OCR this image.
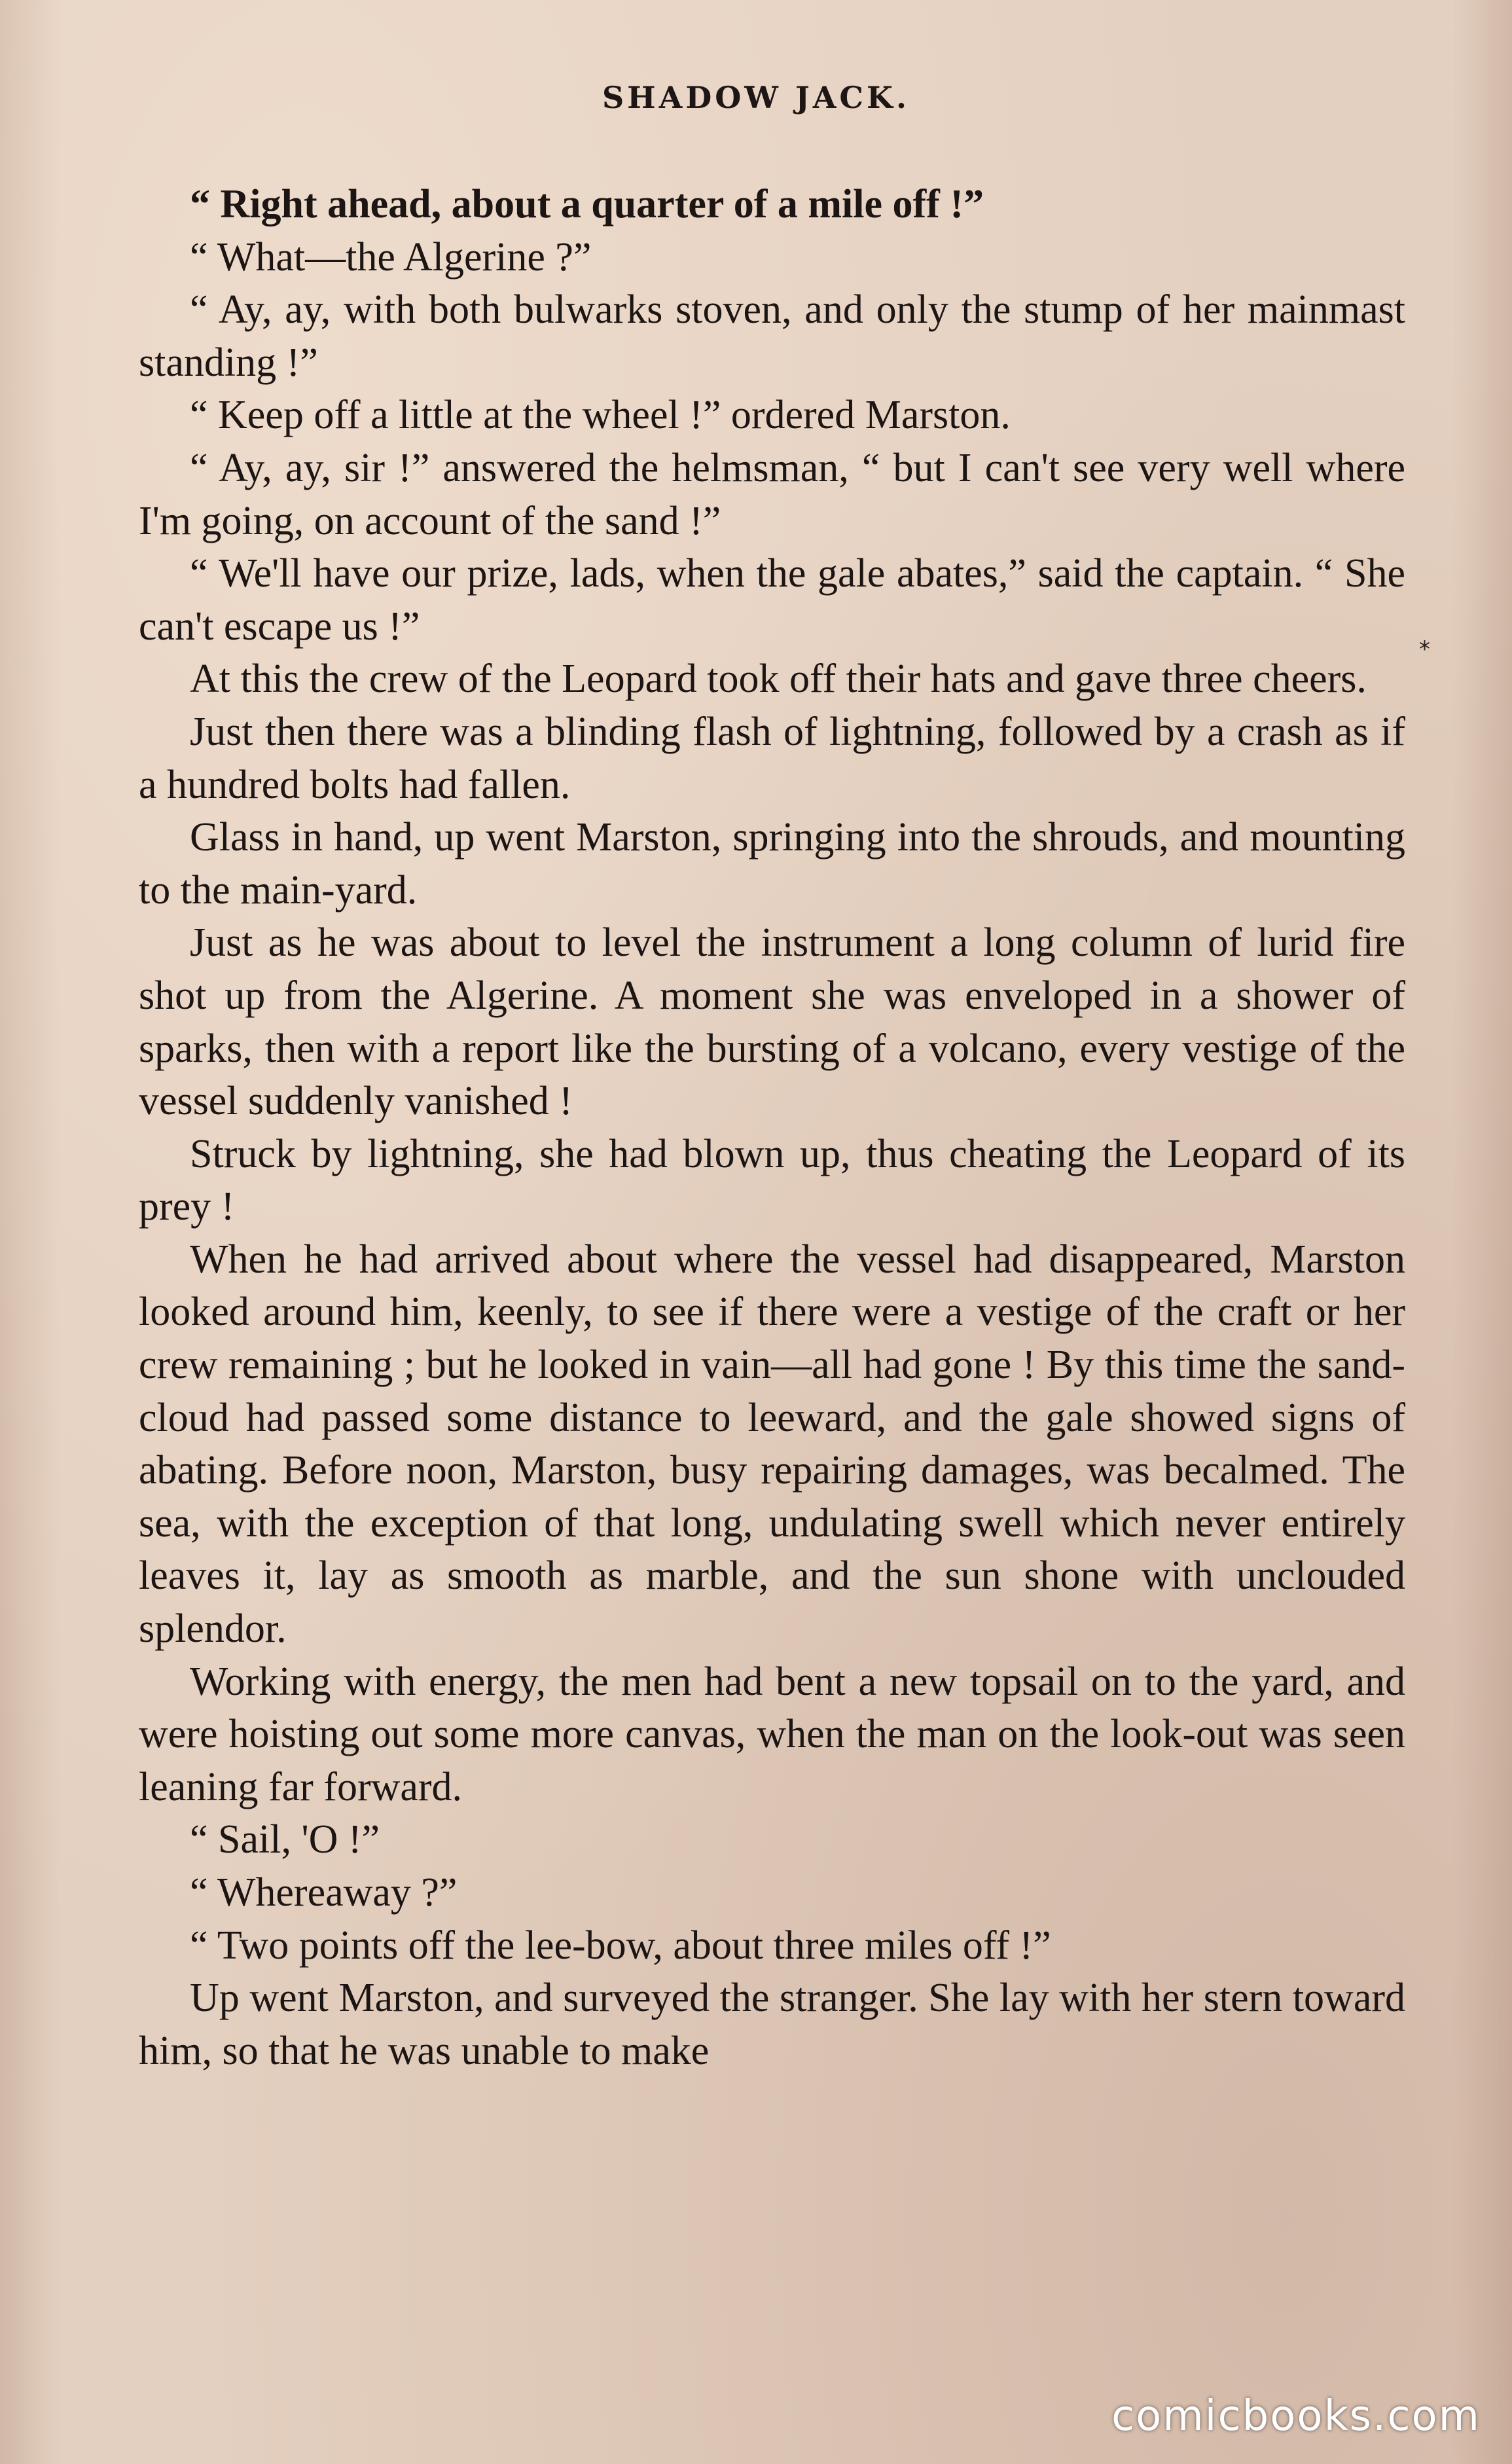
SHADOW JACK.

“ Right ahead, about a quarter of a mile off !”

“ What—the Algerine ?”

“ Ay, ay, with both bulwarks stoven, and only the stump of her mainmast standing !”

“ Keep off a little at the wheel !” ordered Marston.

“ Ay, ay, sir !” answered the helmsman, “ but I can't see very well where I'm going, on account of the sand !”

“ We'll have our prize, lads, when the gale abates,” said the captain. “ She can't escape us !”

At this the crew of the Leopard took off their hats and gave three cheers.

Just then there was a blinding flash of lightning, followed by a crash as if a hundred bolts had fallen.

Glass in hand, up went Marston, springing into the shrouds, and mounting to the main-yard.

Just as he was about to level the instrument a long column of lurid fire shot up from the Algerine. A moment she was enveloped in a shower of sparks, then with a report like the bursting of a volcano, every vestige of the vessel suddenly vanished !

Struck by lightning, she had blown up, thus cheating the Leopard of its prey !

When he had arrived about where the vessel had disappeared, Marston looked around him, keenly, to see if there were a vestige of the craft or her crew remaining ; but he looked in vain—all had gone ! By this time the sand-cloud had passed some distance to leeward, and the gale showed signs of abating. Before noon, Marston, busy repairing damages, was becalmed. The sea, with the exception of that long, undulating swell which never entirely leaves it, lay as smooth as marble, and the sun shone with unclouded splendor.

Working with energy, the men had bent a new topsail on to the yard, and were hoisting out some more canvas, when the man on the look-out was seen leaning far forward.

“ Sail, 'O !”

“ Whereaway ?”

“ Two points off the lee-bow, about three miles off !”

Up went Marston, and surveyed the stranger. She lay with her stern toward him, so that he was unable to make

*
comicbooks.com
